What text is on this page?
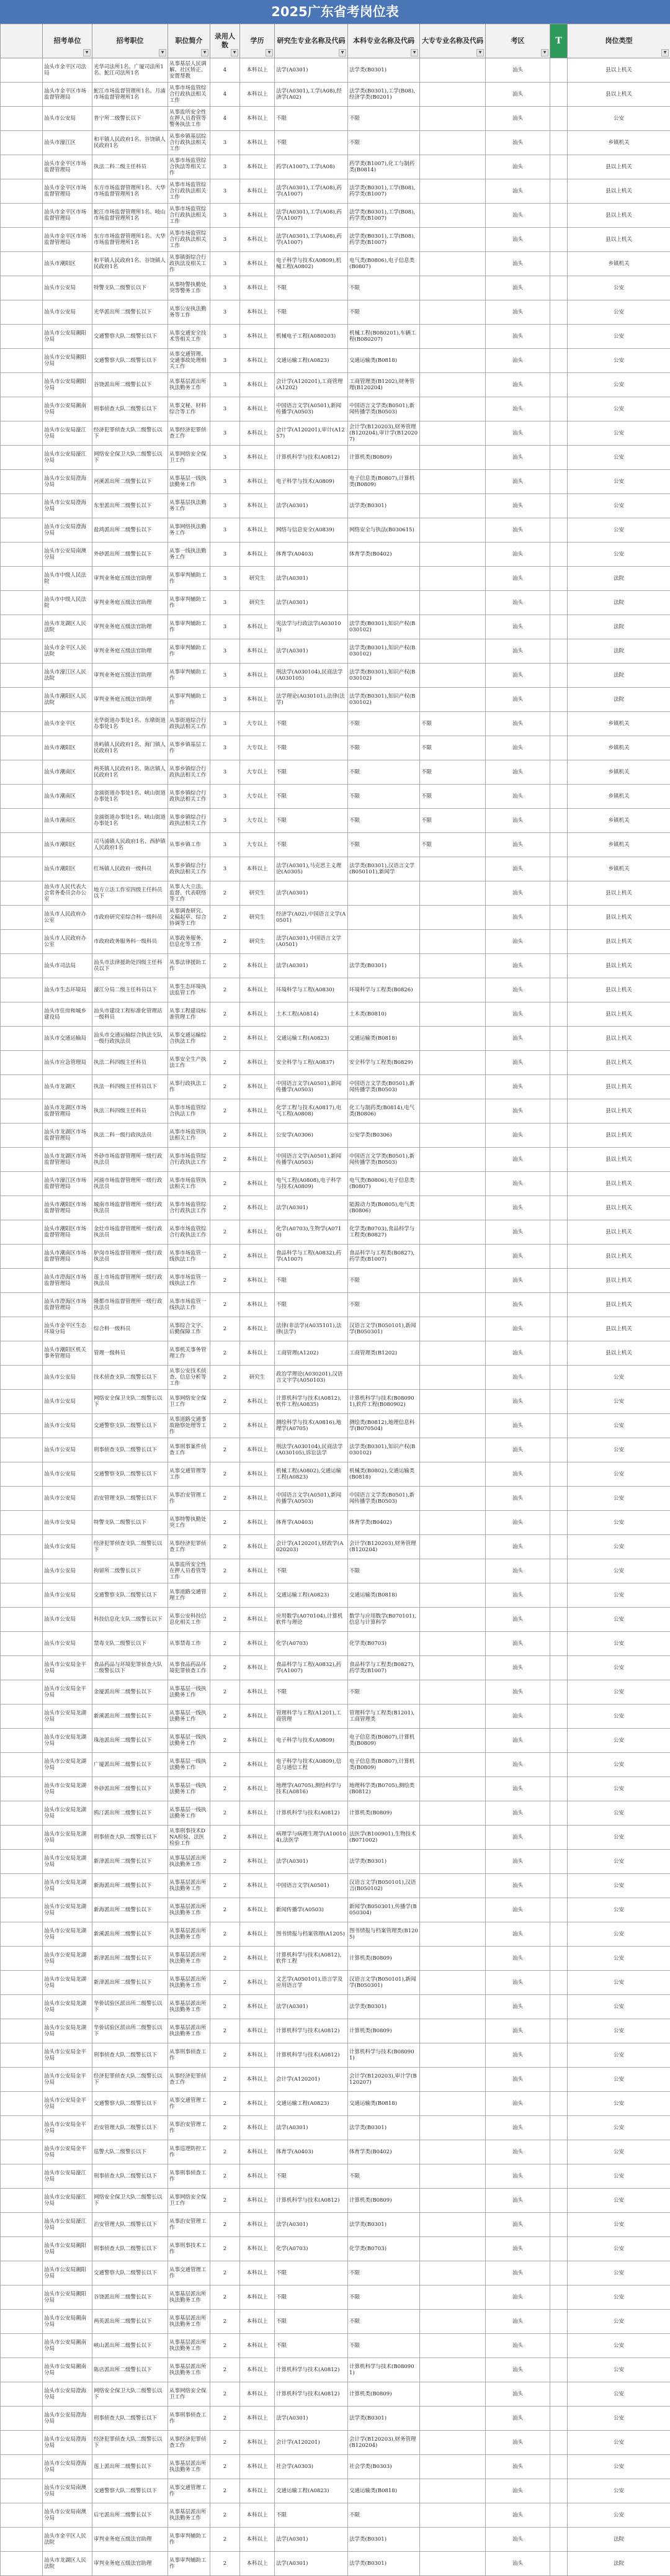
2025广东省考岗位表
	招考单位
▼	招考职位
▼	职位简介
▼	录用人数
▼	学历
▼	研究生专业名称及代码
▼	本科专业名称及代码
▼	大专专业名称及代码
▼	考区
▼	T	岗位类型
▼

	汕头市金平区司法局	光华司法所1名、广厦司法所1名、鮀江司法所1名	从事基层人民调解、社区矫正、安置帮教	4	本科以上	法学(A0301)	法学类(B0301)		汕头		县以上机关
	汕头市金平区市场监督管理局	鮀江市场监督管理所1名、月浦市场监督管理所1名	从事市场监管综合行政执法相关工作	4	本科以上	法学(A0301),工学(A08),经济学(A02)	法学类(B0301),工学(B08),经济学类(B0201)		汕头		县以上机关
	汕头市公安局	普宁所二级警长以下	从事监所安全性在押人员看管等警务执法工作	4	本科以上	不限	不限		汕头		公安
	汕头市濠江区	和平镇人民政府1名、谷饶镇人民政府1名	从事乡镇基层综合行政执法相关工作	3	本科以上	不限	不限		汕头		乡镇机关
	汕头市金平区市场监督管理局	执法二科二级主任科员	从事市场监管综合执法等相关工作	3	本科以上	药学(A1007),工学(A08)	药学类(B1007),化工与制药类(B0814)		汕头		县以上机关
	汕头市金平区市场监督管理局	东方市场监督管理所1名、大华市场监督管理所1名	从事市场监管综合行政执法相关工作	3	本科以上	法学(A0301),工学(A08),药学(A1007)	法学类(B0301),工学(B08),药学类(B1007)		汕头		县以上机关
	汕头市金平区市场监督管理局	鮀江市场监督管理所1名、岐山市场监督管理所1名	从事市场监管综合行政执法相关工作	3	本科以上	法学(A0301),工学(A08),药学(A1007)	法学类(B0301),工学(B08),药学类(B1007)		汕头		县以上机关
	汕头市金平区市场监督管理局	东方市场监督管理所1名、大华市场监督管理所1名	从事市场监管综合行政执法相关工作	3	本科以上	法学(A0301),工学(A08),药学(A1007)	法学类(B0301),工学(B08),药学类(B1007)		汕头		县以上机关
	汕头市潮阳区	和平镇人民政府1名、谷饶镇人民政府1名	从事镇街综合行政执法及相关工作	3	本科以上	电子科学与技术(A0809),机械工程(A0802)	电气类(B0806),电子信息类(B0807)		汕头		乡镇机关
	汕头市公安局	特警支队二级警长以下	从事特警执勤处突等警务工作	3	本科以上	不限	不限		汕头		公安
	汕头市公安局	光华派出所二级警长以下	从事公安执法勤务等工作	3	本科以上	不限	不限		汕头		公安
	汕头市公安局潮阳分局	交通警察大队二级警长以下	从事交通安全技术等相关工作	3	本科以上	机械电子工程(A080203)	机械工程(B080201),车辆工程(B080207)		汕头		公安
	汕头市公安局潮阳分局	交通警察大队二级警长以下	从事交通管理、交通事故处理相关工作	3	本科以上	交通运输工程(A0823)	交通运输类(B0818)		汕头		公安
	汕头市公安局潮阳分局	谷饶派出所二级警长以下	从事基层派出所执法勤务工作	3	本科以上	会计学(A120201),工商管理(A1202)	工商管理类(B1202),财务管理(B120204)		汕头		公安
	汕头市公安局潮南分局	刑事侦查大队二级警长以下	从事文秘、材料综合等工作	3	本科以上	中国语言文学(A0501),新闻传播学(A0503)	中国语言文学类(B0501),新闻传播学类(B0503)		汕头		公安
	汕头市公安局濠江分局	经济犯罪侦查大队二级警长以下	从事经济犯罪侦查工作	3	本科以上	会计学(A120201),审计(A1257)	会计学(B120203),财务管理(B120204),审计学(B120207)		汕头		公安
	汕头市公安局濠江分局	网络安全保卫大队二级警长以下	从事网络安全保卫工作	3	本科以上	计算机科学与技术(A0812)	计算机类(B0809)		汕头		公安
	汕头市公安局澄海分局	河溪派出所二级警长以下	从事基层一线执法勤务工作	3	本科以上	电子科学与技术(A0809)	电子信息类(B0807),计算机类(B0809)		汕头		公安
	汕头市公安局澄海分局	东里派出所二级警长以下	从事基层执法勤务工作	3	本科以上	法学(A0301)	法学类(B0301)		汕头		公安
	汕头市公安局澄海分局	盐鸿派出所二级警长以下	从事网络执法勤务工作	3	本科以上	网络与信息安全(A0839)	网络安全与执法(B030615)		汕头		公安
	汕头市公安局南澳分局	外砂派出所二级警长以下	从事一线执法勤务工作	3	本科以上	体育学(A0403)	体育学类(B0402)		汕头		公安
	汕头市中级人民法院	审判业务庭五级法官助理	从事审判辅助工作	3	研究生	法学(A0301)			汕头		法院
	汕头市中级人民法院	审判业务庭五级法官助理	从事审判辅助工作	3	研究生	法学(A0301)			汕头		法院
	汕头市龙湖区人民法院	审判业务庭五级法官助理	从事审判辅助工作	3	本科以上	宪法学与行政法学(A030103)	法学类(B0301),知识产权(B030102)		汕头		法院
	汕头市金平区人民法院	审判业务庭五级法官助理	从事审判辅助工作	3	本科以上	法学(A0301)	法学类(B0301),知识产权(B030102)		汕头		法院
	汕头市濠江区人民法院	审判业务庭五级法官助理	从事审判辅助工作	3	本科以上	刑法学(A030104),民商法学(A030105)	法学类(B0301),知识产权(B030102)		汕头		法院
	汕头市潮阳区人民法院	审判业务庭五级法官助理	从事审判辅助工作	3	本科以上	法学理论(A030101),法律(法学)	法学类(B0301),知识产权(B030102)		汕头		法院
	汕头市金平区	光华街道办事处1名、东墩街道办事处1名	从事街道综合行政执法相关工作	3	大专以上	不限	不限	不限	汕头		乡镇机关
	汕头市潮阳区	贵屿镇人民政府1名、海门镇人民政府1名	从事乡镇基层工作	3	大专以上	不限	不限	不限	汕头		乡镇机关
	汕头市潮南区	两英镇人民政府1名、陈店镇人民政府1名	从事乡镇综合行政执法相关工作	3	大专以上	不限	不限	不限	汕头		乡镇机关
	汕头市潮南区	金浦街道办事处1名、峡山街道办事处1名	从事乡镇综合行政执法相关工作	3	大专以上	不限	不限	不限	汕头		乡镇机关
	汕头市潮南区	金浦街道办事处1名、峡山街道办事处1名	从事乡镇综合行政执法相关工作	3	大专以上	不限	不限	不限	汕头		乡镇机关
	汕头市潮阳区	司马浦镇人民政府1名、西胪镇人民政府1名	从事乡镇工作	3	大专以上	不限	不限	不限	汕头		乡镇机关
	汕头市潮阳区	红场镇人民政府一级科员	从事乡镇综合行政执法相关工作	3	本科以上	法学(A0301),马克思主义理论(A0305)	法学类(B0301),汉语言文学(B050101),新闻学		汕头		乡镇机关
	汕头市人民代表大会常务委员会办公室	地方立法工作室四级主任科员以下	从事人大立法、监督、代表联络等工作	2	研究生	法学(A0301)			汕头		县以上机关
	汕头市人民政府办公室	市政府研究室综合科一级科员	从事调查研究、文稿起草、综合协调等工作	2	研究生	经济学(A02),中国语言文学(A0501)			汕头		县以上机关
	汕头市人民政府办公室	市政府政务服务科一级科员	从事政务服务、信息化等工作	2	研究生	法学(A0301),中国语言文学(A0501)			汕头		县以上机关
	汕头市司法局	汕头市法律援助处四级主任科员以下	从事法律援助工作	2	本科以上	法学(A0301)	法学类(B0301)		汕头		县以上机关
	汕头市生态环境局	濠江分局二级主任科员以下	从事生态环境执法监管工作	2	本科以上	环境科学与工程(A0830)	环境科学与工程类(B0826)		汕头		县以上机关
	汕头市住房和城乡建设局	汕头市建设工程标准化管理站一级科员	从事工程建设标准管理工作	2	本科以上	土木工程(A0814)	土木类(B0810)		汕头		县以上机关
	汕头市交通运输局	汕头市交通运输综合执法支队一级行政执法员	从事交通运输综合执法工作	2	本科以上	交通运输工程(A0823)	交通运输类(B0818)		汕头		县以上机关
	汕头市应急管理局	执法二科四级主任科员	从事安全生产执法工作	2	本科以上	安全科学与工程(A0837)	安全科学与工程类(B0829)		汕头		县以上机关
	汕头市龙湖区	执法一科四级主任科员以下	从事行政执法工作	2	本科以上	中国语言文学(A0501),新闻传播学(A0503)	中国语言文学类(B0501),新闻传播学类(B0503)		汕头		县以上机关
	汕头市龙湖区市场监督管理局	执法三科四级主任科员	从事市场监管综合执法工作	2	本科以上	化学工程与技术(A0817),电气工程(A0808)	化工与制药类(B0814),电气类(B0806)		汕头		县以上机关
	汕头市龙湖区市场监督管理局	执法二科一级行政执法员	从事市场监管执法相关工作	2	本科以上	公安学(A0306)	公安学类(B0306)		汕头		县以上机关
	汕头市龙湖区市场监督管理局	外砂市场监督管理所一级行政执法员	从事市场监管综合行政执法工作	2	本科以上	中国语言文学(A0501),新闻传播学(A0503)	中国语言文学类(B0501),新闻传播学类(B0503)		汕头		县以上机关
	汕头市濠江区市场监督管理局	河浦市场监督管理所一级行政执法员	从事市场监管执法相关工作	2	本科以上	电气工程(A0808),电子科学与技术(A0809)	电气类(B0806),电子信息类(B0807)		汕头		县以上机关
	汕头市潮阳区市场监督管理局	城南市场监督管理所一级行政执法员	从事市场监管综合行政执法工作	2	本科以上	法学(A0301)	能源动力类(B0805),电气类(B0806)		汕头		县以上机关
	汕头市潮阳区市场监督管理局	金灶市场监督管理所一级行政执法员	从事市场监管综合行政执法工作	2	本科以上	化学(A0703),生物学(A0710)	化学类(B0703),食品科学与工程类(B0827)		汕头		县以上机关
	汕头市潮南区市场监督管理局	胪岗市场监督管理所一级行政执法员	从事市场监管一线执法工作	2	本科以上	食品科学与工程(A0832),药学(A1007)	食品科学与工程类(B0827),药学类(B1007)		汕头		县以上机关
	汕头市澄海区市场监督管理局	莲上市场监督管理所一级行政执法员	从事市场监管一线执法工作	2	本科以上	不限	不限		汕头		县以上机关
	汕头市澄海区市场监督管理局	隆都市场监督管理所一级行政执法员	从事市场监管一线执法工作	2	本科以上	不限	不限		汕头		县以上机关
	汕头市金平区生态环境分局	综合科一级科员	从事综合文字、后勤保障工作	2	本科以上	法律(非法学)(A035101),法律(法学)	汉语言文学(B050101),新闻学(B050301)		汕头		县以上机关
	汕头市潮阳区机关事务管理局	管理一级科员	从事机关事务管理工作	2	本科以上	工商管理(A1202)	工商管理类(B1202)		汕头		县以上机关
	汕头市公安局	技术侦查支队二级警长以下	从事公安技术侦查、信息分析等工作	2	研究生	政治学理论(A030201),汉语言文字学(A050103)			汕头		公安
	汕头市公安局	网络安全保卫支队二级警长以下	从事网络安全保卫工作	2	本科以上	计算机科学与技术(A0812),软件工程(A0835)	计算机科学与技术(B080901),软件工程(B080902)		汕头		公安
	汕头市公安局	交通警察支队二级警长以下	从事道路交通事故勘察处理等工作	2	本科以上	测绘科学与技术(A0816),地理学(A0705)	测绘类(B0812),地理信息科学(B070504)		汕头		公安
	汕头市公安局	刑事侦查支队二级警长以下	从事刑事案件侦查工作	2	本科以上	刑法学(A030104),民商法学(A030105),诉讼法学	法学类(B0301),知识产权(B030102)		汕头		公安
	汕头市公安局	交通警察支队二级警长以下	从事交通管理等工作	2	本科以上	机械工程(A0802),交通运输工程(A0823)	机械类(B0802),交通运输类(B0818)		汕头		公安
	汕头市公安局	治安管理支队二级警长以下	从事治安管理工作	2	本科以上	中国语言文学(A0501),新闻传播学(A0503)	中国语言文学类(B0501),新闻传播学类(B0503)		汕头		公安
	汕头市公安局	特警支队二级警长以下	从事特警执勤处突工作	2	本科以上	体育学(A0403)	体育学类(B0402)		汕头		公安
	汕头市公安局	经济犯罪侦查支队二级警长以下	从事经济犯罪侦查工作	2	本科以上	会计学(A120201),财政学(A020203)	会计学(B120203),财务管理(B120204)		汕头		公安
	汕头市公安局	拘留所二级警长以下	从事监所安全性在押人员看管等工作	2	本科以上	不限	不限		汕头		公安
	汕头市公安局	交通警察支队二级警长以下	从事道路交通管理工作	2	本科以上	交通运输工程(A0823)	交通运输类(B0818)		汕头		公安
	汕头市公安局	科技信息化支队二级警长以下	从事公安科技信息化相关工作	2	本科以上	应用数学(A070104),计算机软件与理论	数学与应用数学(B070101),信息与计算科学		汕头		公安
	汕头市公安局	禁毒支队二级警长以下	从事禁毒工作	2	本科以上	化学(A0703)	化学类(B0703)		汕头		公安
	汕头市公安局金平分局	食品药品与环境犯罪侦查大队二级警长以下	从事食品药品环境犯罪侦查工作	2	本科以上	食品科学与工程(A0832),药学(A1007)	食品科学与工程类(B0827),药学类(B1007)		汕头		公安
	汕头市公安局金平分局	金厦派出所二级警长以下	从事基层一线执法勤务工作	2	本科以上	不限	不限		汕头		公安
	汕头市公安局龙湖分局	新溪派出所二级警长以下	从事基层一线执法勤务工作	2	本科以上	管理科学与工程(A1201),工商管理	管理科学与工程类(B1201),工商管理类		汕头		公安
	汕头市公安局龙湖分局	珠池派出所二级警长以下	从事基层一线执法勤务工作	2	本科以上	电子科学与技术(A0809)	电子信息类(B0807),计算机类(B0809)		汕头		公安
	汕头市公安局龙湖分局	广厦派出所二级警长以下	从事基层一线执法勤务工作	2	本科以上	电子科学与技术(A0809),信息与通信工程	电子信息类(B0807),计算机类(B0809)		汕头		公安
	汕头市公安局龙湖分局	外砂派出所二级警长以下	从事基层一线执法勤务工作	2	本科以上	地理学(A0705),测绘科学与技术(A0816)	地理科学类(B0705),测绘类(B0812)		汕头		公安
	汕头市公安局龙湖分局	鸥汀派出所二级警长以下	从事基层一线执法勤务工作	2	本科以上	计算机科学与技术(A0812)	计算机类(B0809)		汕头		公安
	汕头市公安局龙湖分局	刑事侦查大队二级警长以下	从事刑事技术DNA检验、法医检验工作	2	本科以上	病理学与病理生理学(A100104),法医学	法医学(B100901),生物技术(B071002)		汕头		公安
	汕头市公安局龙湖分局	新津派出所二级警长以下	从事基层派出所执法勤务工作	2	本科以上	法学(A0301)	法学类(B0301)		汕头		公安
	汕头市公安局龙湖分局	新海派出所二级警长以下	从事基层派出所执法勤务工作	2	本科以上	中国语言文学(A0501)	汉语言文学(B050101),汉语言(B050102)		汕头		公安
	汕头市公安局龙湖分局	新海派出所二级警长以下	从事基层派出所执法勤务工作	2	本科以上	新闻传播学(A0503)	新闻学(B050301),传播学(B050304)		汕头		公安
	汕头市公安局龙湖分局	新溪派出所二级警长以下	从事基层派出所执法勤务工作	2	本科以上	图书情报与档案管理(A1205)	图书情报与档案管理类(B1205)		汕头		公安
	汕头市公安局龙湖分局	新津派出所二级警长以下	从事基层派出所执法勤务工作	2	本科以上	计算机科学与技术(A0812),软件工程	计算机类(B0809)		汕头		公安
	汕头市公安局龙湖分局	新津派出所二级警长以下	从事基层派出所执法勤务工作	2	本科以上	文艺学(A050101),语言学及应用语言学	汉语言文学(B050101),新闻学(B050301)		汕头		公安
	汕头市公安局龙湖分局	华侨试验区派出所二级警长以下	从事基层派出所执法勤务工作	2	本科以上	法学(A0301)	法学类(B0301)		汕头		公安
	汕头市公安局龙湖分局	华侨试验区派出所二级警长以下	从事基层派出所执法勤务工作	2	本科以上	计算机科学与技术(A0812)	计算机类(B0809)		汕头		公安
	汕头市公安局金平分局	刑事侦查大队二级警长以下	从事刑事侦查工作	2	本科以上	计算机科学与技术(A0812)	计算机科学与技术(B080901)		汕头		公安
	汕头市公安局金平分局	经济犯罪侦查大队二级警长以下	从事经济犯罪侦查工作	2	本科以上	会计学(A120201)	会计学(B120203),审计学(B120207)		汕头		公安
	汕头市公安局金平分局	交通警察大队二级警长以下	从事交通管理工作	2	本科以上	交通运输工程(A0823)	交通运输类(B0818)		汕头		公安
	汕头市公安局金平分局	治安管理大队二级警长以下	从事治安管理工作	2	本科以上	法学(A0301)	法学类(B0301)		汕头		公安
	汕头市公安局金平分局	巡警大队二级警长以下	从事巡逻防控工作	2	本科以上	体育学(A0403)	体育学类(B0402)		汕头		公安
	汕头市公安局濠江分局	刑事侦查大队二级警长以下	从事刑事侦查工作	2	本科以上	不限	不限		汕头		公安
	汕头市公安局濠江分局	网络安全保卫大队二级警长以下	从事网络安全保卫工作	2	本科以上	计算机科学与技术(A0812)	计算机类(B0809)		汕头		公安
	汕头市公安局濠江分局	治安管理大队二级警长以下	从事治安管理工作	2	本科以上	法学(A0301)	法学类(B0301)		汕头		公安
	汕头市公安局潮阳分局	刑事侦查大队二级警长以下	从事刑事技术工作	2	本科以上	化学(A0703)	化学类(B0703)		汕头		公安
	汕头市公安局潮阳分局	交通警察大队二级警长以下	从事交通管理工作	2	本科以上	不限	不限		汕头		公安
	汕头市公安局潮阳分局	谷饶派出所二级警长以下	从事基层派出所执法勤务工作	2	本科以上	不限	不限		汕头		公安
	汕头市公安局潮南分局	两英派出所二级警长以下	从事基层派出所执法勤务工作	2	本科以上	不限	不限		汕头		公安
	汕头市公安局潮南分局	峡山派出所二级警长以下	从事基层派出所执法勤务工作	2	本科以上	不限	不限		汕头		公安
	汕头市公安局潮南分局	陈店派出所二级警长以下	从事基层派出所执法勤务工作	2	本科以上	计算机科学与技术(A0812)	计算机科学与技术(B080901)		汕头		公安
	汕头市公安局澄海分局	网络安全保卫大队二级警长以下	从事网络安全保卫工作	2	本科以上	计算机科学与技术(A0812)	计算机类(B0809)		汕头		公安
	汕头市公安局澄海分局	刑事侦查大队二级警长以下	从事刑事侦查工作	2	本科以上	法学(A0301)	法学类(B0301)		汕头		公安
	汕头市公安局澄海分局	经济犯罪侦查大队二级警长以下	从事经济犯罪侦查工作	2	本科以上	会计学(A120201)	会计学(B120203),财务管理(B120204)		汕头		公安
	汕头市公安局澄海分局	莲上派出所二级警长以下	从事基层派出所执法勤务工作	2	本科以上	社会学(A0303)	社会学类(B0303)		汕头		公安
	汕头市公安局南澳分局	交通警察大队二级警长以下	从事交通管理工作	2	本科以上	交通运输工程(A0823)	交通运输类(B0818)		汕头		公安
	汕头市公安局南澳分局	后宅派出所二级警长以下	从事基层派出所执法勤务工作	2	本科以上	不限	不限		汕头		公安
	汕头市金平区人民法院	审判业务庭五级法官助理	从事审判辅助工作	2	本科以上	法学(A0301)	法学类(B0301)		汕头		法院
	汕头市龙湖区人民法院	审判业务庭五级法官助理	从事审判辅助工作	2	本科以上	法学(A0301)	法学类(B0301)		汕头		法院
